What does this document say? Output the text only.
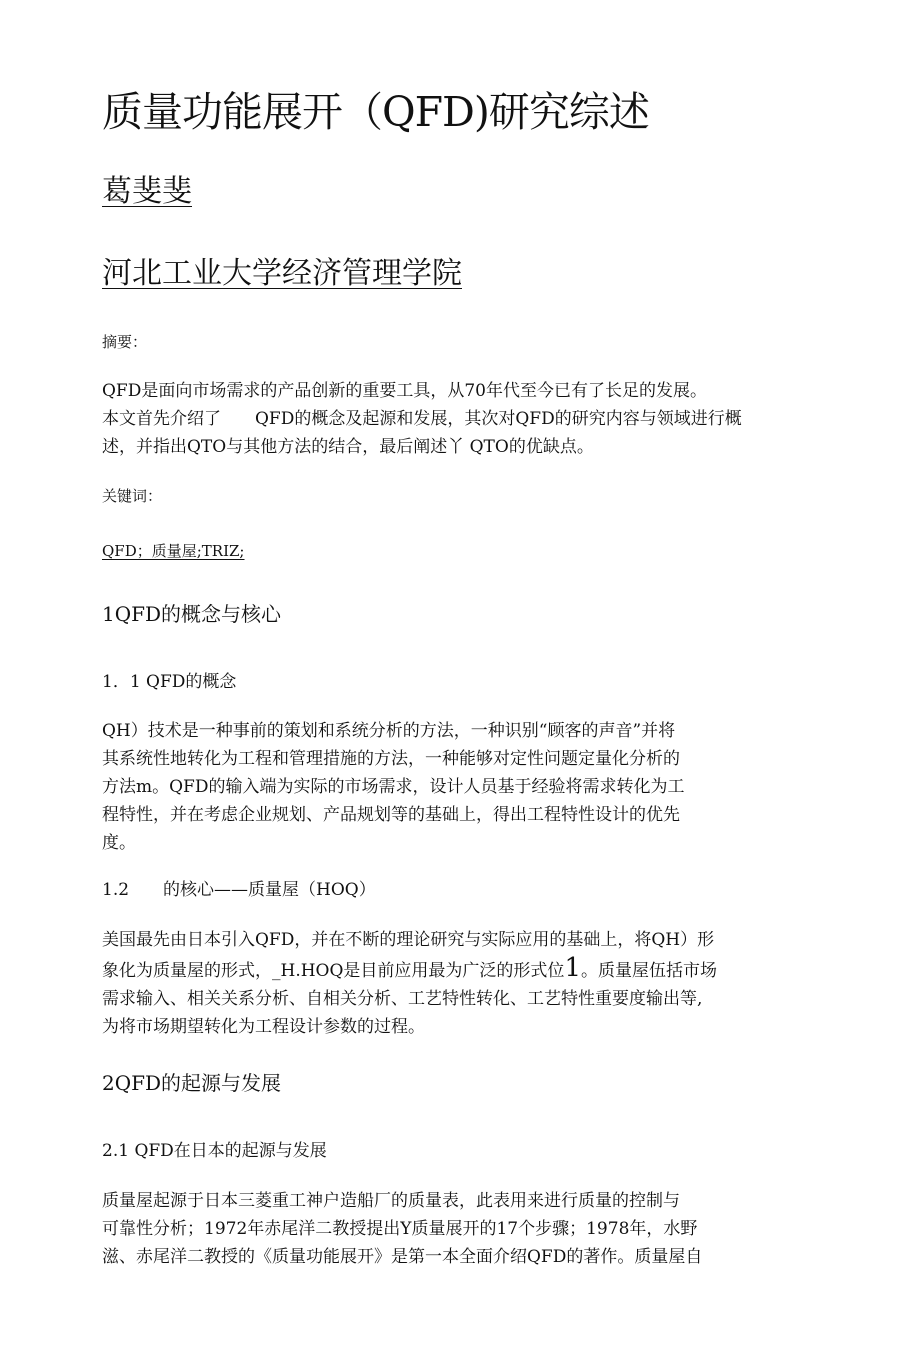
质量功能展开（QFD)研究综述
葛斐斐
河北工业大学经济管理学院

摘要：

QFD是面向市场需求的产品创新的重要工具，从70年代至今已有了长足的发展。
本文首先介绍了　　QFD的概念及起源和发展，其次对QFD的研究内容与领域进行概
述，并指出QTO与其他方法的结合，最后阐述丫 QTO的优缺点。

关键词：

QFD；质量屋;TRIZ;

1QFD的概念与核心
1．1 QFD的概念
QH）技术是一种事前的策划和系统分析的方法，一种识别“顾客的声音”并将
其系统性地转化为工程和管理措施的方法，一种能够对定性问题定量化分析的
方法m。QFD的输入端为实际的市场需求，设计人员基于经验将需求转化为工
程特性，并在考虑企业规划、产品规划等的基础上，得出工程特性设计的优先
度。
1.2　　的核心——质量屋（HOQ）
美国最先由日本引入QFD，并在不断的理论研究与实际应用的基础上，将QH）形
象化为质量屋的形式，_H.HOQ是目前应用最为广泛的形式位1。质量屋伍括市场
需求输入、相关关系分析、自相关分析、工艺特性转化、工艺特性重要度输出等,
为将市场期望转化为工程设计参数的过程。
2QFD的起源与发展
2.1 QFD在日本的起源与发展
质量屋起源于日本三菱重工神户造船厂的质量表，此表用来进行质量的控制与
可靠性分析；1972年赤尾洋二教授提出Y质量展开的17个步骤；1978年，水野
滋、赤尾洋二教授的《质量功能展开》是第一本全面介绍QFD的著作。质量屋自
